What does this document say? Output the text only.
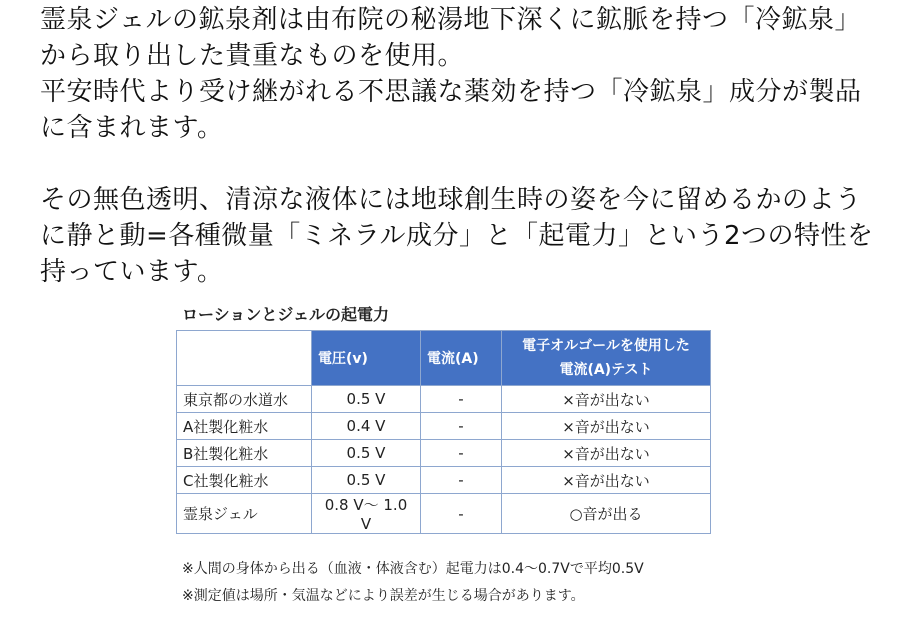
霊泉ジェルの鉱泉剤は由布院の秘湯地下深くに鉱脈を持つ「冷鉱泉」から取り出した貴重なものを使用。

平安時代より受け継がれる不思議な薬効を持つ「冷鉱泉」成分が製品に含まれます。

その無色透明、清涼な液体には地球創生時の姿を今に留めるかのように静と動=各種微量「ミネラル成分」と「起電力」という2つの特性を持っています。

ローションとジェルの起電力
	電圧(v)	電流(A)	電子オルゴールを使用した
電流(A)テスト

東京都の水道水	0.5 V	-	×音が出ない
A社製化粧水	0.4 V	-	×音が出ない
B社製化粧水	0.5 V	-	×音が出ない
C社製化粧水	0.5 V	-	×音が出ない
霊泉ジェル	0.8 V～ 1.0 V	-	○音が出る

※人間の身体から出る（血液・体液含む）起電力は0.4～0.7Vで平均0.5V

※測定値は場所・気温などにより誤差が生じる場合があります。
